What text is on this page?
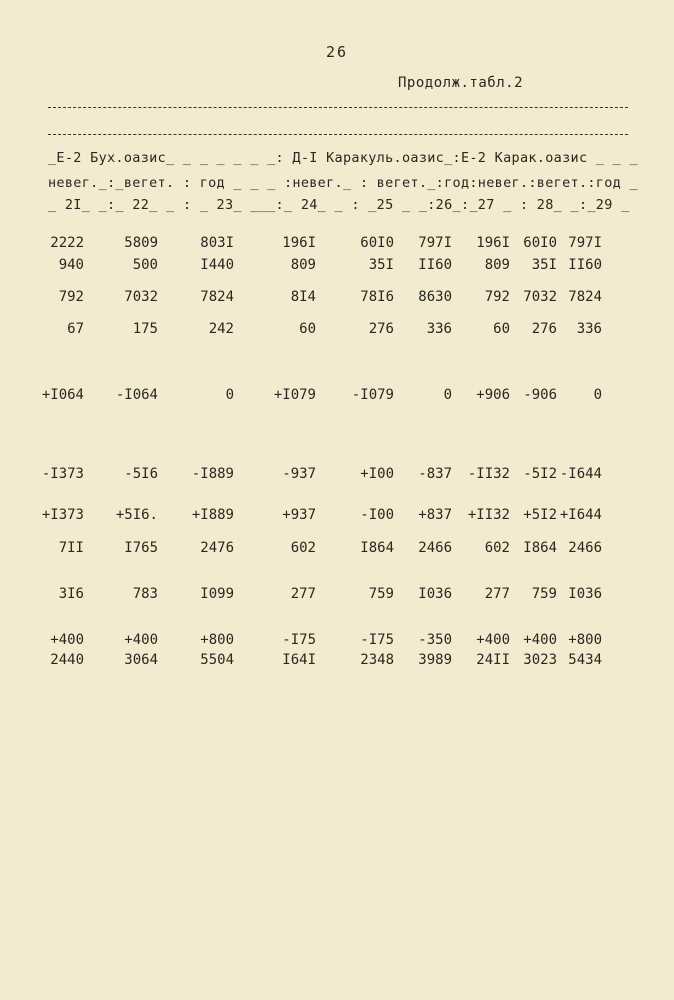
26
Продолж.табл.2
_Е-2 Бух.оазис_ _ _ _ _ _ _: Д-I Каракуль.оазис_:Е-2 Карак.оазис _ _ _
невег._:_вегет. : год _ _ _ :невег._ : вегет._:год:невег.:вегет.:год _
_ 2I_ _:_ 22_ _ : _ 23_ ___:_ 24_ _ : _25 _ _:26_:_27 _ : 28_ _:_29 _
2222	5809	803I	196I	60I0	797I	196I 60I0 797I
940	500	I440	809	35I	II60	809	35I II60
792	7032	7824	8I4	78I6	8630	792 7032 7824
67	175	242	60	276	336	60	276	336
+I064	-I064	0	+I079	-I079	0	+906 -906	0
-I373	-5I6	-I889	-937	+I00	-837	-II32 -5I2 -I644
+I373	+5I6.	+I889	+937	-I00	+837	+II32 +5I2 +I644
7II	I765	2476	602	I864	2466	602 I864 2466
3I6	783	I099	277	759	I036	277	759 I036
+400	+400	+800	-I75	-I75	-350	+400 +400 +800
2440	3064	5504	I64I	2348	3989	24II 3023 5434
